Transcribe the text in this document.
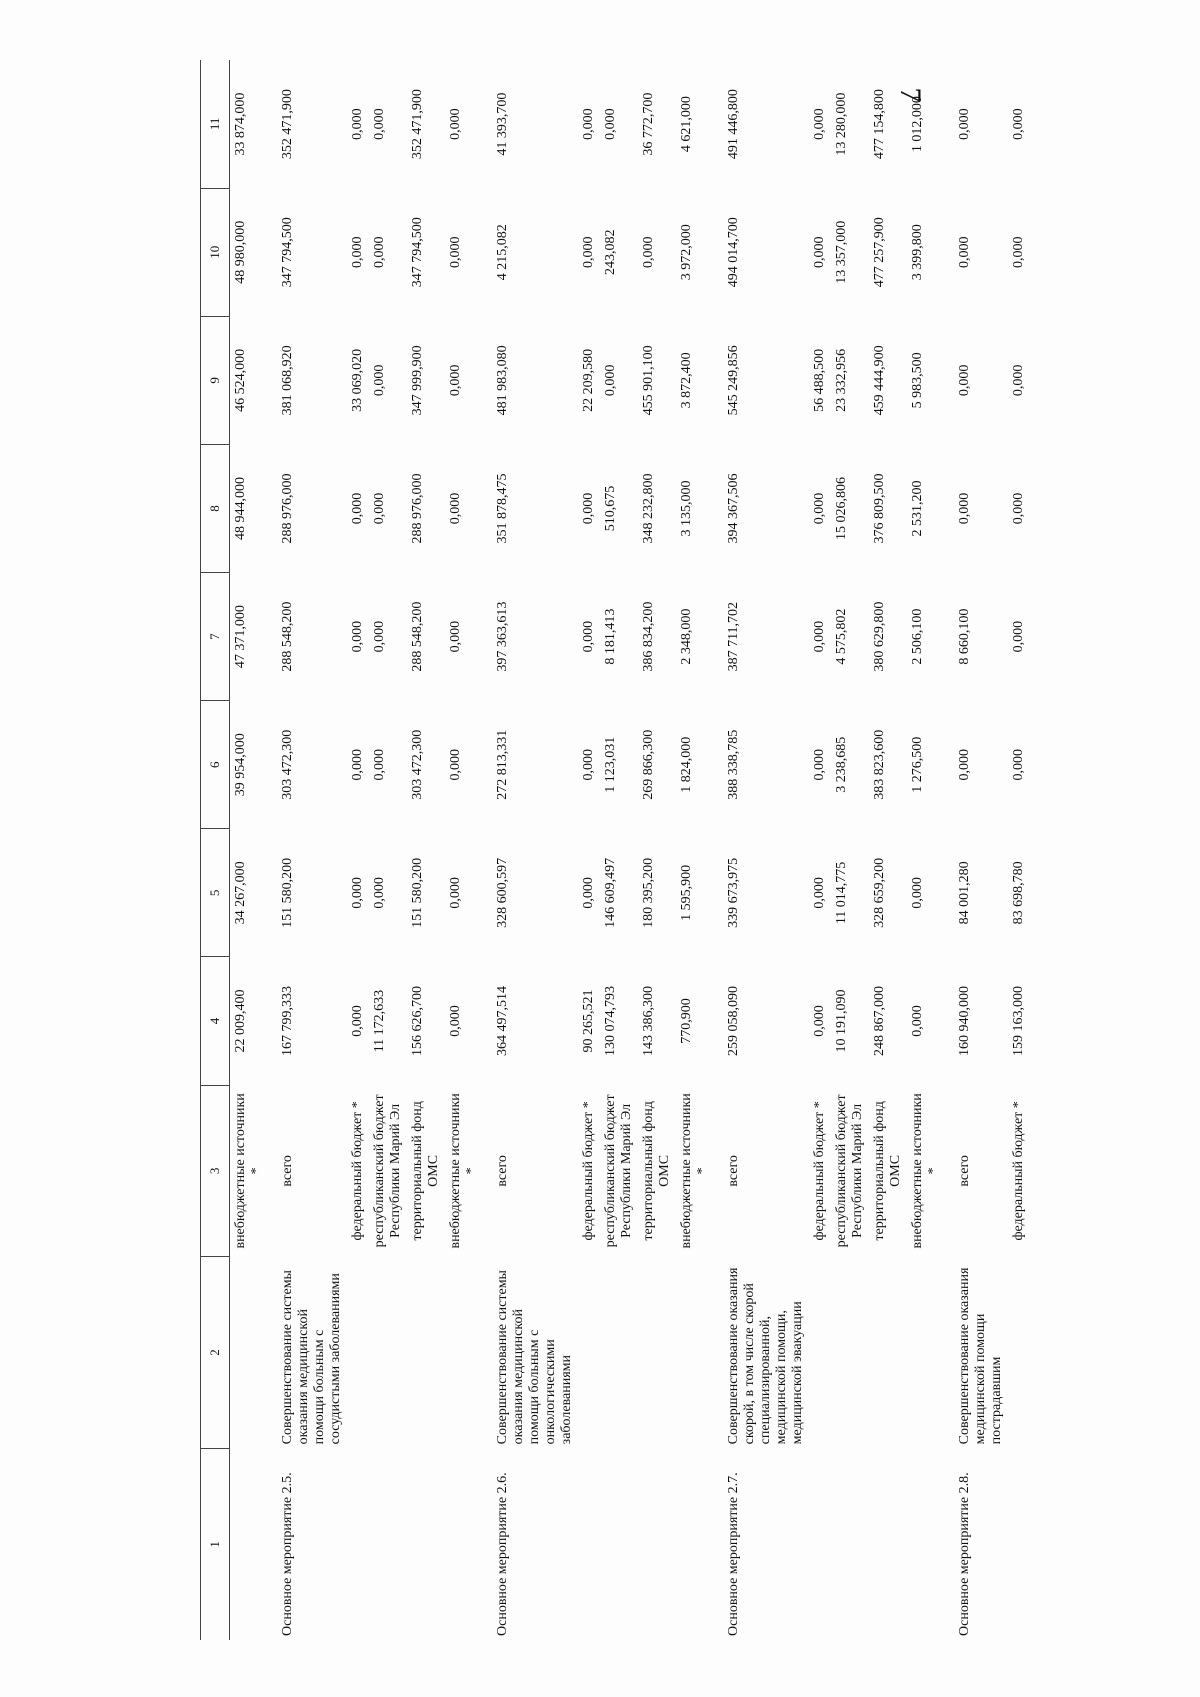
7
1	2	3	4	5	6	7	8	9	10	11
		внебюджетные источники *	22 009,400	34 267,000	39 954,000	47 371,000	48 944,000	46 524,000	48 980,000	33 874,000
Основное мероприятие 2.5.	Совершенствование системы оказания медицинской помощи больным с сосудистыми заболеваниями	всего	167 799,333	151 580,200	303 472,300	288 548,200	288 976,000	381 068,920	347 794,500	352 471,900
		федеральный бюджет *	0,000	0,000	0,000	0,000	0,000	33 069,020	0,000	0,000
		республиканский бюджет Республики Марий Эл	11 172,633	0,000	0,000	0,000	0,000	0,000	0,000	0,000
		территориальный фонд ОМС	156 626,700	151 580,200	303 472,300	288 548,200	288 976,000	347 999,900	347 794,500	352 471,900
		внебюджетные источники *	0,000	0,000	0,000	0,000	0,000	0,000	0,000	0,000
Основное мероприятие 2.6.	Совершенствование системы оказания медицинской помощи больным с онкологическими заболеваниями	всего	364 497,514	328 600,597	272 813,331	397 363,613	351 878,475	481 983,080	4 215,082	41 393,700
		федеральный бюджет *	90 265,521	0,000	0,000	0,000	0,000	22 209,580	0,000	0,000
		республиканский бюджет Республики Марий Эл	130 074,793	146 609,497	1 123,031	8 181,413	510,675	0,000	243,082	0,000
		территориальный фонд ОМС	143 386,300	180 395,200	269 866,300	386 834,200	348 232,800	455 901,100	0,000	36 772,700
		внебюджетные источники *	770,900	1 595,900	1 824,000	2 348,000	3 135,000	3 872,400	3 972,000	4 621,000
Основное мероприятие 2.7.	Совершенствование оказания скорой, в том числе скорой специализированной, медицинской помощи, медицинской эвакуации	всего	259 058,090	339 673,975	388 338,785	387 711,702	394 367,506	545 249,856	494 014,700	491 446,800
		федеральный бюджет *	0,000	0,000	0,000	0,000	0,000	56 488,500	0,000	0,000
		республиканский бюджет Республики Марий Эл	10 191,090	11 014,775	3 238,685	4 575,802	15 026,806	23 332,956	13 357,000	13 280,000
		территориальный фонд ОМС	248 867,000	328 659,200	383 823,600	380 629,800	376 809,500	459 444,900	477 257,900	477 154,800
		внебюджетные источники *	0,000	0,000	1 276,500	2 506,100	2 531,200	5 983,500	3 399,800	1 012,000
Основное мероприятие 2.8.	Совершенствование оказания медицинской помощи пострадавшим	всего	160 940,000	84 001,280	0,000	8 660,100	0,000	0,000	0,000	0,000
		федеральный бюджет *	159 163,000	83 698,780	0,000	0,000	0,000	0,000	0,000	0,000
